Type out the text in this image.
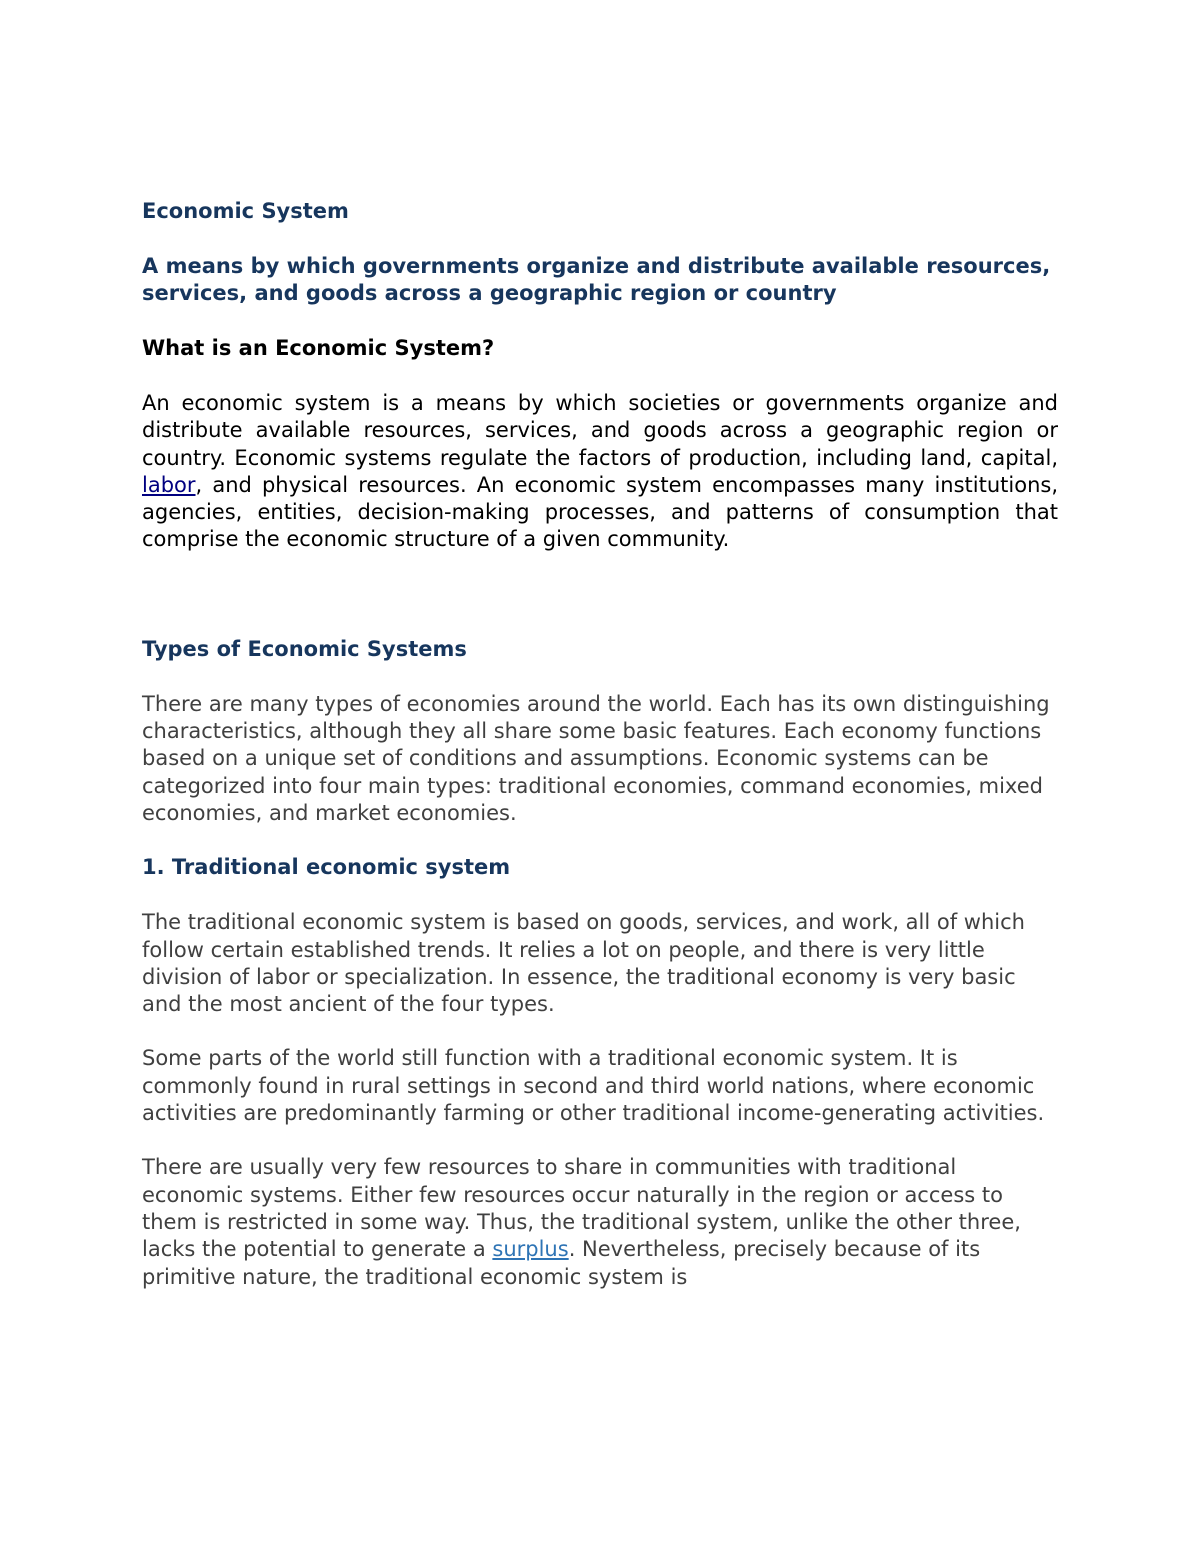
Economic System

A means by which governments organize and distribute available resources, services, and goods across a geographic region or country

What is an Economic System?

An economic system is a means by which societies or governments organize and distribute available resources, services, and goods across a geographic region or country. Economic systems regulate the factors of production, including land, capital, labor, and physical resources. An economic system encompasses many institutions, agencies, entities, decision-making processes, and patterns of consumption that comprise the economic structure of a given community.

Types of Economic Systems

There are many types of economies around the world. Each has its own distinguishing characteristics, although they all share some basic features. Each economy functions based on a unique set of conditions and assumptions. Economic systems can be categorized into four main types: traditional economies, command economies, mixed economies, and market economies.

1. Traditional economic system

The traditional economic system is based on goods, services, and work, all of which follow certain established trends. It relies a lot on people, and there is very little division of labor or specialization. In essence, the traditional economy is very basic and the most ancient of the four types.

Some parts of the world still function with a traditional economic system. It is commonly found in rural settings in second and third world nations, where economic activities are predominantly farming or other traditional income-generating activities.

There are usually very few resources to share in communities with traditional economic systems. Either few resources occur naturally in the region or access to them is restricted in some way. Thus, the traditional system, unlike the other three, lacks the potential to generate a surplus. Nevertheless, precisely because of its primitive nature, the traditional economic system is
